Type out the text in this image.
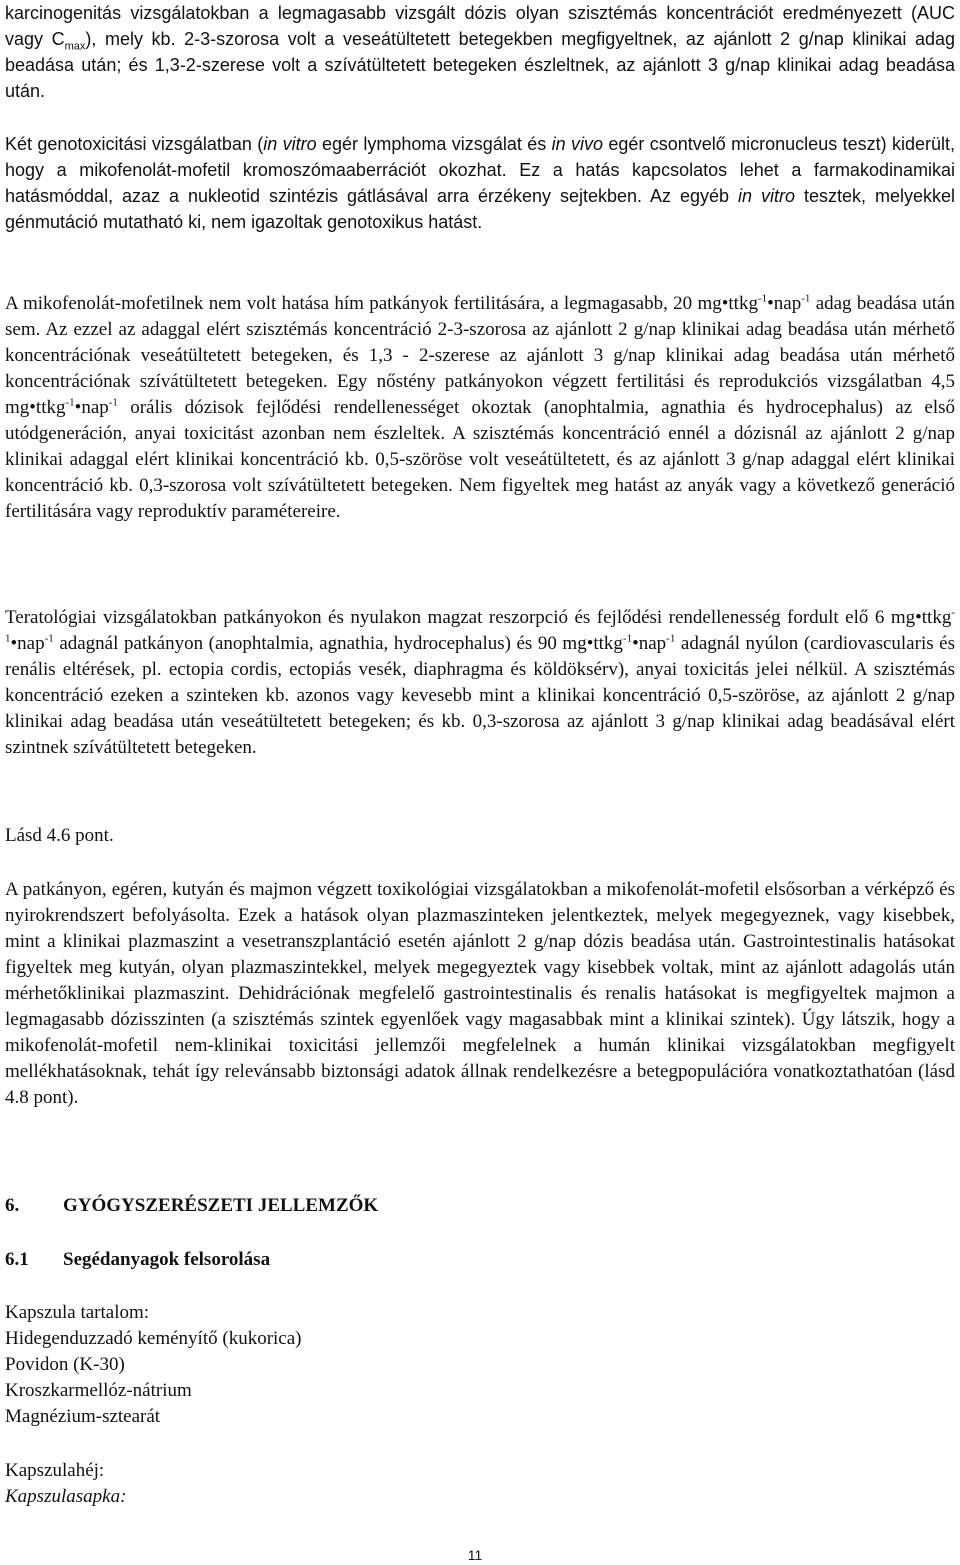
karcinogenitás vizsgálatokban a legmagasabb vizsgált dózis olyan szisztémás koncentrációt eredményezett (AUC vagy $C_{max}$), mely kb. 2-3-szorosa volt a veseátültetett betegekben megfigyeltnek, az ajánlott 2 g/nap klinikai adag beadása után; és 1,3-2-szerese volt a szívátültetett betegeken észleltnek, az ajánlott 3 g/nap klinikai adag beadása után.

Két genotoxicitási vizsgálatban (in vitro egér lymphoma vizsgálat és in vivo egér csontvelő micronucleus teszt) kiderült, hogy a mikofenolát-mofetil kromoszómaaberrációt okozhat. Ez a hatás kapcsolatos lehet a farmakodinamikai hatásmóddal, azaz a nukleotid szintézis gátlásával arra érzékeny sejtekben. Az egyéb in vitro tesztek, melyekkel génmutáció mutatható ki, nem igazoltak genotoxikus hatást.

A mikofenolát-mofetilnek nem volt hatása hím patkányok fertilitására, a legmagasabb, 20 mg•ttkg$^{-1}$•nap$^{-1}$ adag beadása után sem. Az ezzel az adaggal elért szisztémás koncentráció 2-3-szorosa az ajánlott 2 g/nap klinikai adag beadása után mérhető koncentrációnak veseátültetett betegeken, és 1,3 - 2-szerese az ajánlott 3 g/nap klinikai adag beadása után mérhető koncentrációnak szívátültetett betegeken. Egy nőstény patkányokon végzett fertilitási és reprodukciós vizsgálatban 4,5 mg•ttkg$^{-1}$•nap$^{-1}$ orális dózisok fejlődési rendellenességet okoztak (anophtalmia, agnathia és hydrocephalus) az első utódgeneráción, anyai toxicitást azonban nem észleltek. A szisztémás koncentráció ennél a dózisnál az ajánlott 2 g/nap klinikai adaggal elért klinikai koncentráció kb. 0,5-szöröse volt veseátültetett, és az ajánlott 3 g/nap adaggal elért klinikai koncentráció kb. 0,3-szorosa volt szívátültetett betegeken. Nem figyeltek meg hatást az anyák vagy a következő generáció fertilitására vagy reproduktív paramétereire.

Teratológiai vizsgálatokban patkányokon és nyulakon magzat reszorpció és fejlődési rendellenesség fordult elő 6 mg•ttkg$^{-1}$•nap$^{-1}$ adagnál patkányon (anophtalmia, agnathia, hydrocephalus) és 90 mg•ttkg$^{-1}$•nap$^{-1}$ adagnál nyúlon (cardiovascularis és renális eltérések, pl. ectopia cordis, ectopiás vesék, diaphragma és köldöksérv), anyai toxicitás jelei nélkül. A szisztémás koncentráció ezeken a szinteken kb. azonos vagy kevesebb mint a klinikai koncentráció 0,5-szöröse, az ajánlott 2 g/nap klinikai adag beadása után veseátültetett betegeken; és kb. 0,3-szorosa az ajánlott 3 g/nap klinikai adag beadásával elért szintnek szívátültetett betegeken.

Lásd 4.6 pont.

A patkányon, egéren, kutyán és majmon végzett toxikológiai vizsgálatokban a mikofenolát-mofetil elsősorban a vérképző és nyirokrendszert befolyásolta. Ezek a hatások olyan plazmaszinteken jelentkeztek, melyek megegyeznek, vagy kisebbek, mint a klinikai plazmaszint a vesetranszplantáció esetén ajánlott 2 g/nap dózis beadása után. Gastrointestinalis hatásokat figyeltek meg kutyán, olyan plazmaszintekkel, melyek megegyeztek vagy kisebbek voltak, mint az ajánlott adagolás után mérhetőklinikai plazmaszint. Dehidrációnak megfelelő gastrointestinalis és renalis hatásokat is megfigyeltek majmon a legmagasabb dózisszinten (a szisztémás szintek egyenlőek vagy magasabbak mint a klinikai szintek). Úgy látszik, hogy a mikofenolát-mofetil nem-klinikai toxicitási jellemzői megfelelnek a humán klinikai vizsgálatokban megfigyelt mellékhatásoknak, tehát így relevánsabb biztonsági adatok állnak rendelkezésre a betegpopulációra vonatkoztathatóan (lásd 4.8 pont).

6. GYÓGYSZERÉSZETI JELLEMZŐK

6.1 Segédanyagok felsorolása

Kapszula tartalom:

Hidegenduzzadó keményítő (kukorica)

Povidon (K-30)

Kroszkarmellóz-nátrium

Magnézium-sztearát

Kapszulahéj:

Kapszulasapka:

11
